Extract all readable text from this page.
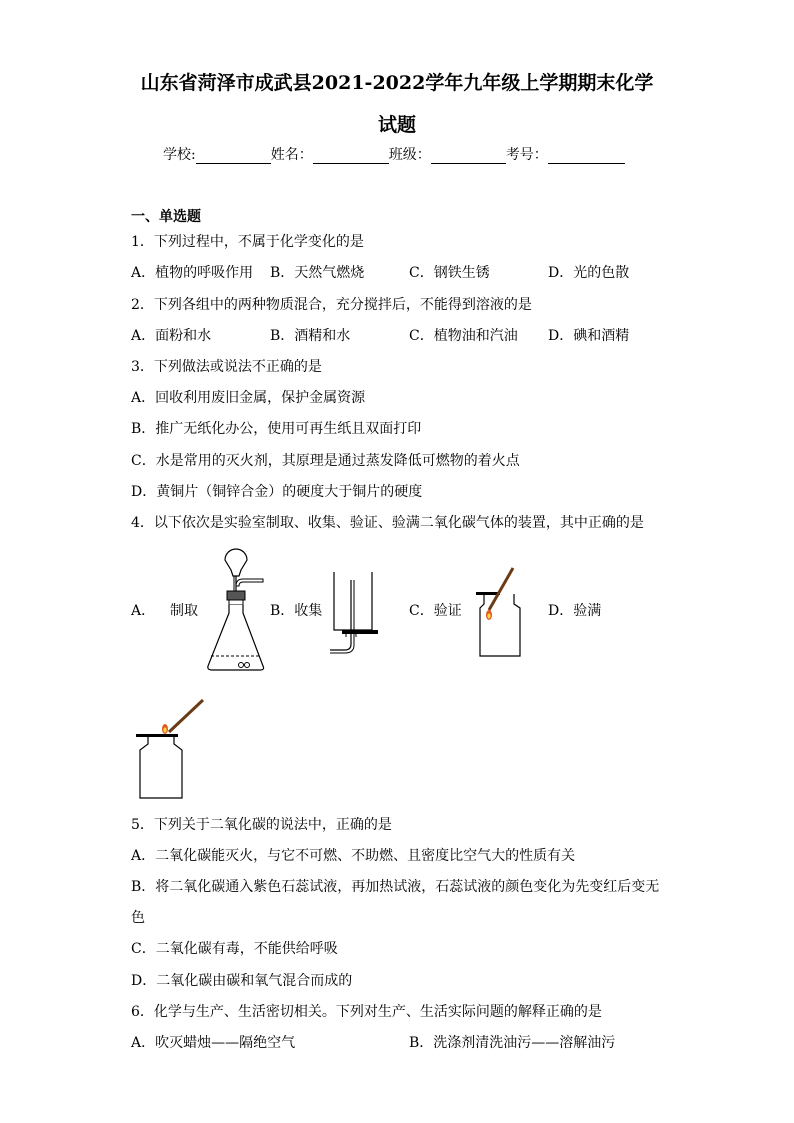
山东省菏泽市成武县2021-2022学年九年级上学期期末化学
试题
学校:	姓名：	班级：	考号：
一、单选题
1．下列过程中，不属于化学变化的是
A．植物的呼吸作用 B．天然气燃烧	C．钢铁生锈	D．光的色散
2．下列各组中的两种物质混合，充分搅拌后，不能得到溶液的是
A．面粉和水	B．酒精和水	C．植物油和汽油 D．碘和酒精
3．下列做法或说法不正确的是
A．回收利用废旧金属，保护金属资源
B．推广无纸化办公，使用可再生纸且双面打印
C．水是常用的灭火剂，其原理是通过蒸发降低可燃物的着火点
D．黄铜片（铜锌合金）的硬度大于铜片的硬度
4．以下依次是实验室制取、收集、验证、验满二氧化碳气体的装置，其中正确的是
A． 制取	B．收集	C．验证	D．验满
5．下列关于二氧化碳的说法中，正确的是
A．二氧化碳能灭火，与它不可燃、不助燃、且密度比空气大的性质有关
B．将二氧化碳通入紫色石蕊试液，再加热试液，石蕊试液的颜色变化为先变红后变无
色
C．二氧化碳有毒，不能供给呼吸
D．二氧化碳由碳和氧气混合而成的
6．化学与生产、生活密切相关。下列对生产、生活实际问题的解释正确的是
A．吹灭蜡烛——隔绝空气	B．洗涤剂清洗油污——溶解油污
